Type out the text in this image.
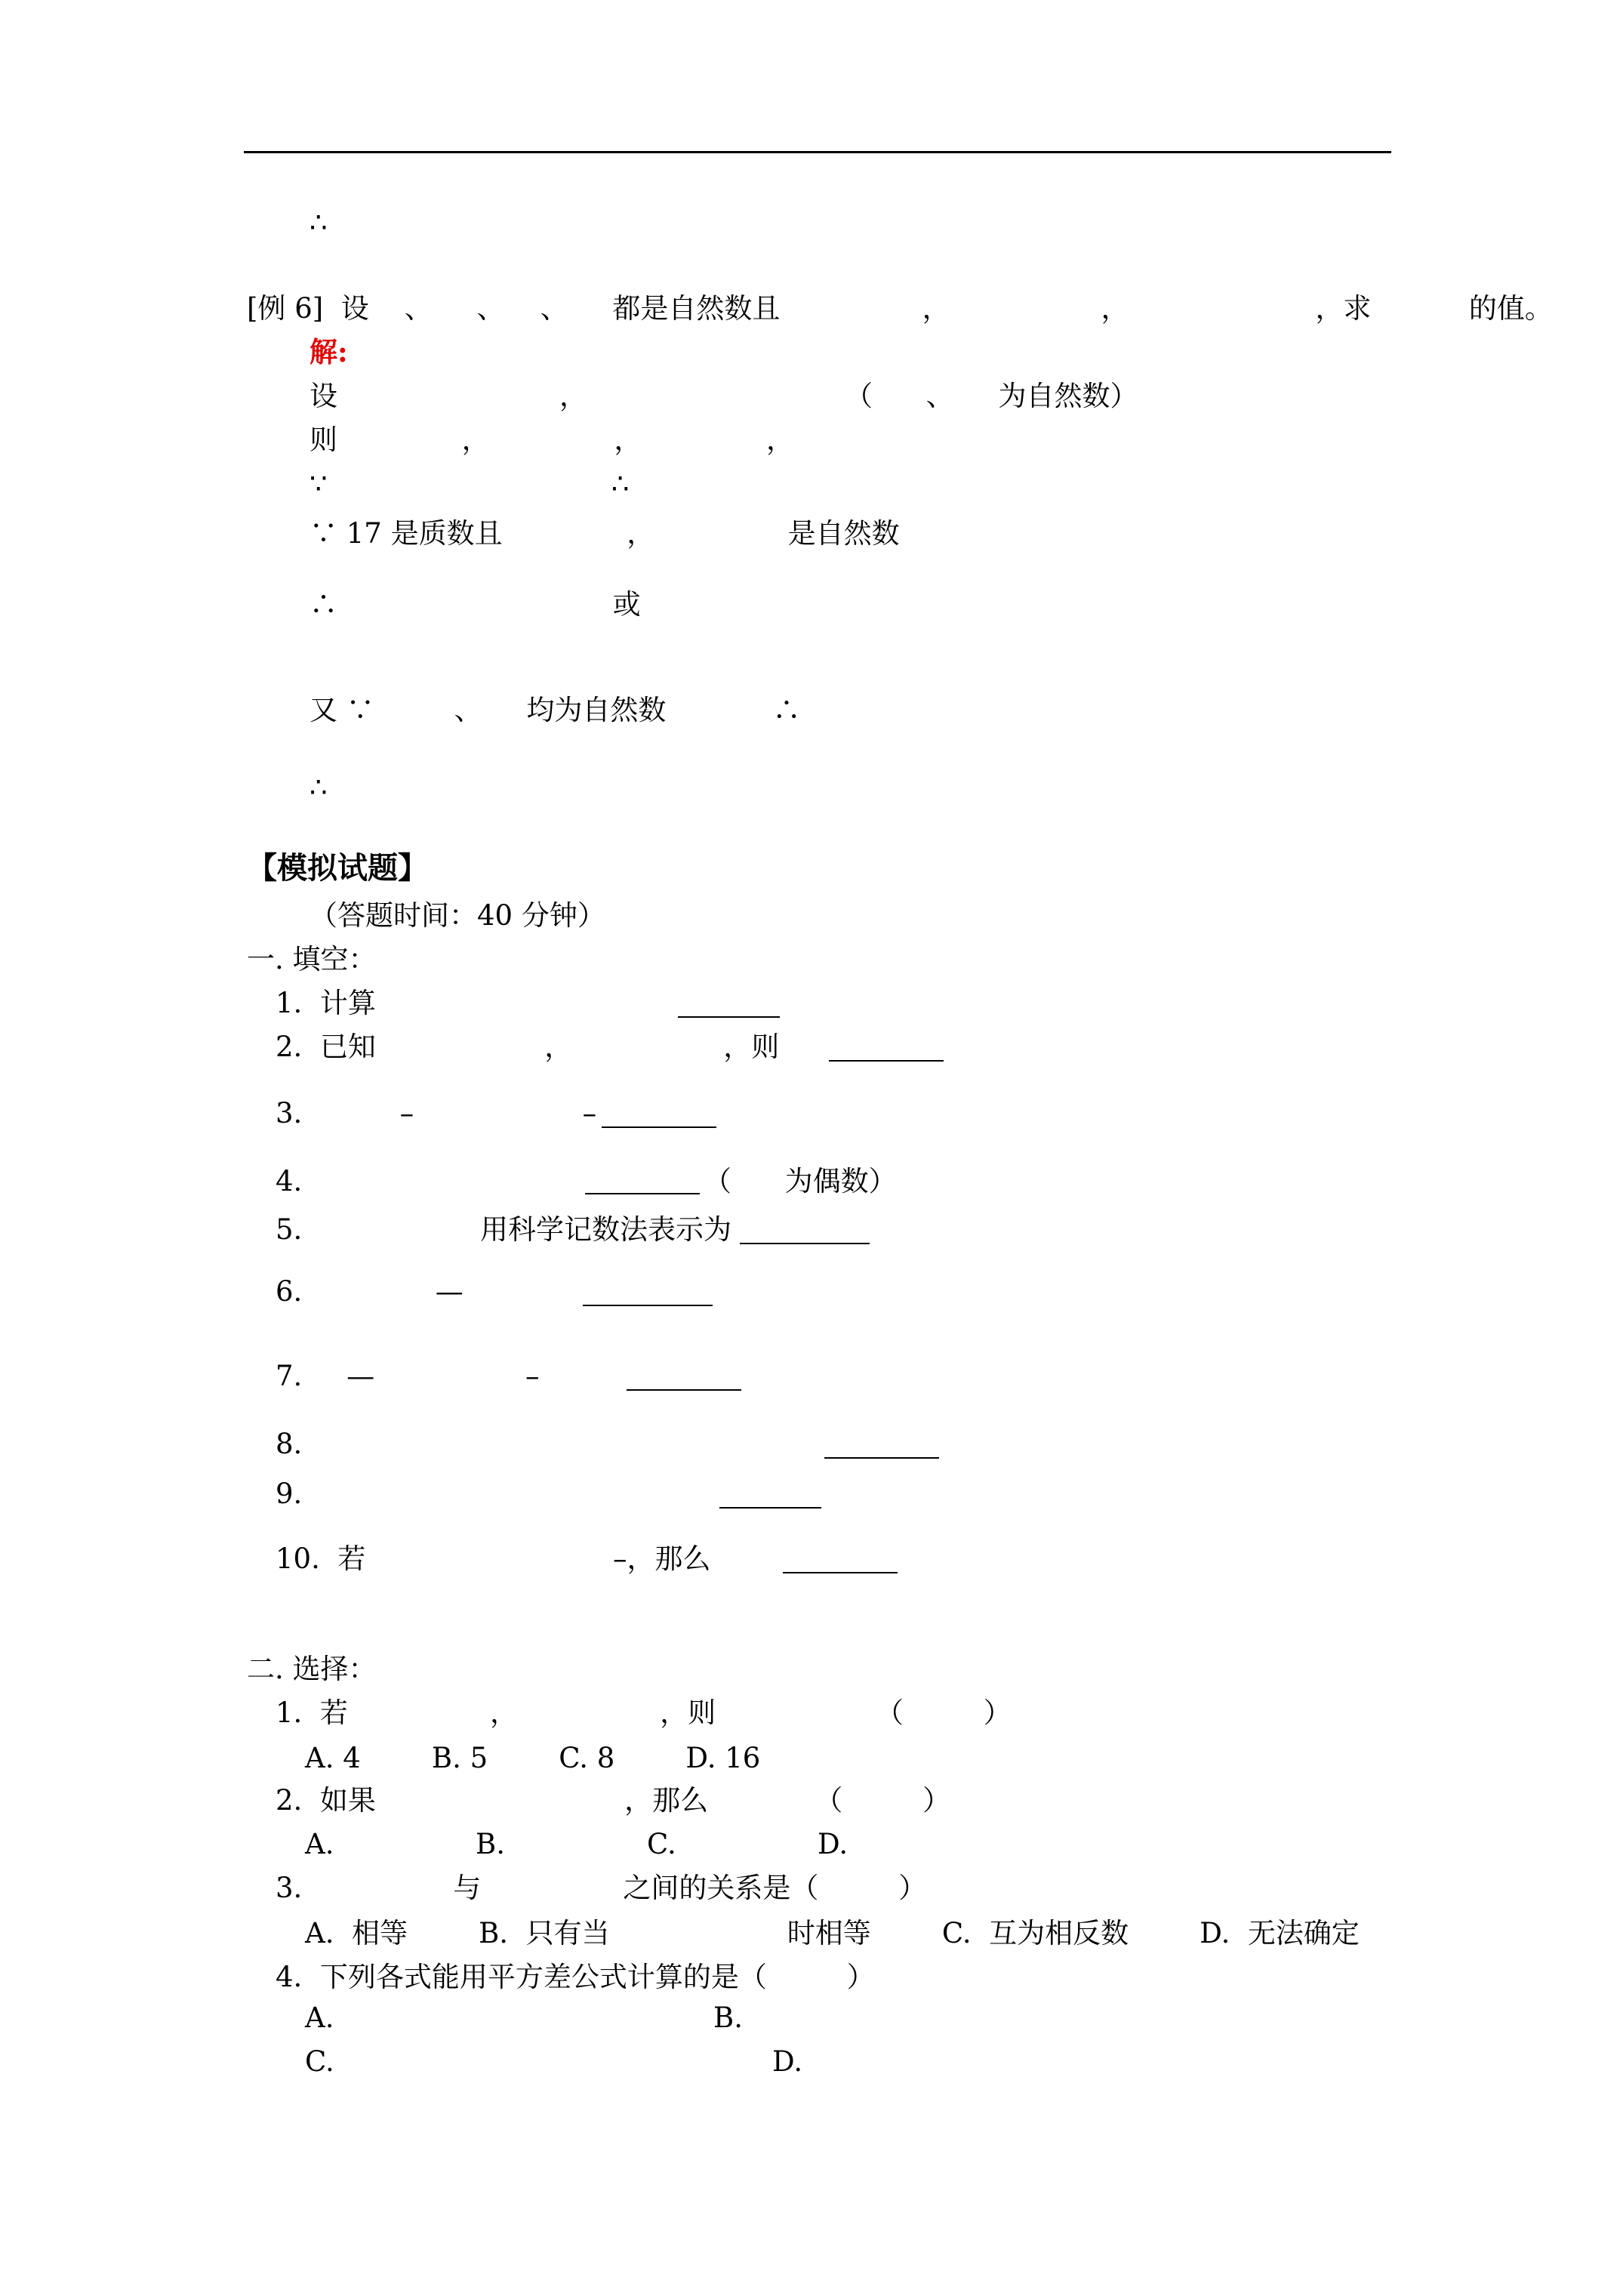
∴
[例 6]  设    、     、    、     都是自然数且                ，                 ，                     ，求           的值。
解:
设                         ，                             （      、     为自然数）
则              ，              ，              ，
∵                                ∴
∵ 17 是质数且              ，               是自然数
∴                               或
又 ∵         、     均为自然数            ∴
∴
【模拟试题】
（答题时间：40 分钟）
一. 填空：
1.  计算
2.  已知                   ，                 ，则
3.           –                   –
4.	（      为偶数）
5.	用科学记数法表示为
6.               —
7.     —                 –
8.
9.
10.  若	–，那么
二. 选择：
1.  若                ，                ，则                  （         ）
A. 4        B. 5        C. 8        D. 16
2.  如果                            ，那么            （         ）
A.	B.	C.	D.
3.                 与                之间的关系是（         ）
A.  相等        B.  只有当                    时相等        C.  互为相反数        D.  无法确定
4.  下列各式能用平方差公式计算的是（         ）
A.	B.
C.	D.
